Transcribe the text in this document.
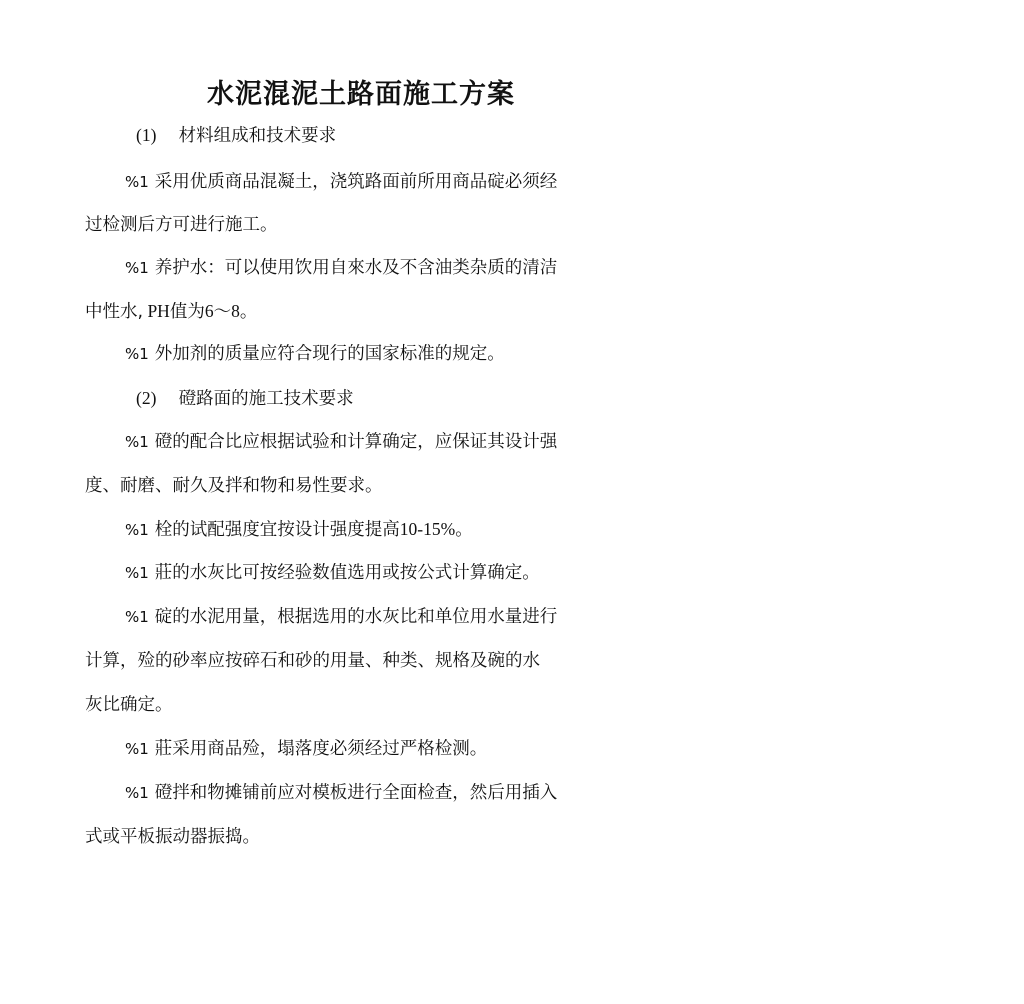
水泥混泥土路面施工方案
(1) 材料组成和技术要求
%1 采用优质商品混凝土，浇筑路面前所用商品碇必须经
过检测后方可进行施工。
%1 养护水：可以使用饮用自來水及不含油类杂质的清洁
中性水, PH值为6〜8。
%1 外加剂的质量应符合现行的国家标准的规定。
(2) 磴路面的施工技术要求
%1 磴的配合比应根据试验和计算确定，应保证其设计强
度、耐磨、耐久及拌和物和易性要求。
%1 栓的试配强度宜按设计强度提高10-15%。
%1 莊的水灰比可按经验数值选用或按公式计算确定。
%1 碇的水泥用量，根据选用的水灰比和单位用水量进行
计算，殓的砂率应按碎石和砂的用量、种类、规格及碗的水
灰比确定。
%1 莊采用商品殓，塌落度必须经过严格检测。
%1 磴拌和物摊铺前应对模板进行全面检查，然后用插入
式或平板振动器振捣。
